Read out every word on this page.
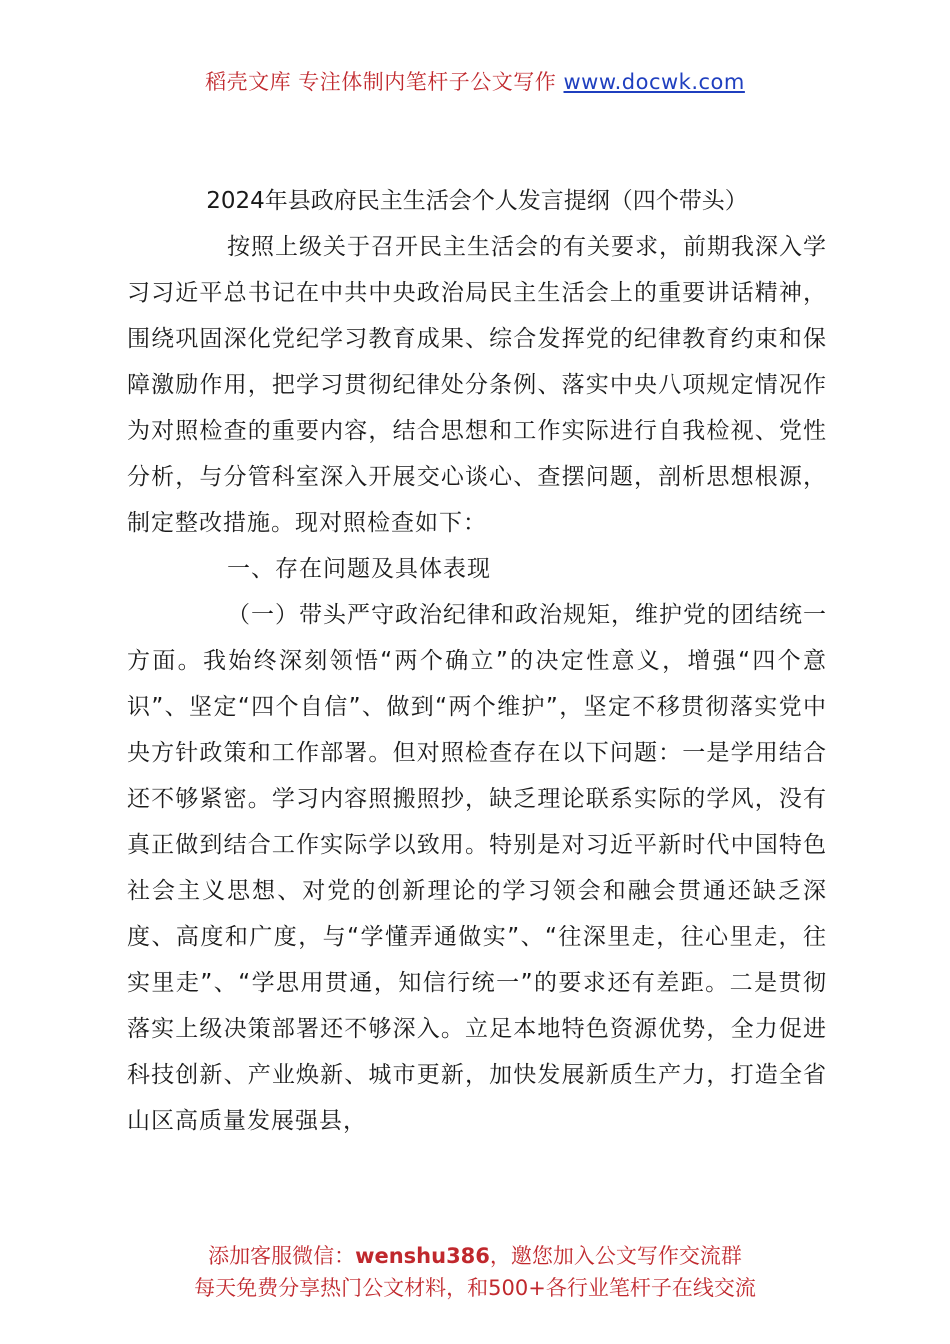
稻壳文库 专注体制内笔杆子公文写作 www.docwk.com

2024年县政府民主生活会个人发言提纲（四个带头）

按照上级关于召开民主生活会的有关要求，前期我深入学习习近平总书记在中共中央政治局民主生活会上的重要讲话精神，围绕巩固深化党纪学习教育成果、综合发挥党的纪律教育约束和保障激励作用，把学习贯彻纪律处分条例、落实中央八项规定情况作为对照检查的重要内容，结合思想和工作实际进行自我检视、党性分析，与分管科室深入开展交心谈心、查摆问题，剖析思想根源，制定整改措施。现对照检查如下：

一、存在问题及具体表现

（一）带头严守政治纪律和政治规矩，维护党的团结统一方面。我始终深刻领悟“两个确立”的决定性意义，增强“四个意识”、坚定“四个自信”、做到“两个维护”，坚定不移贯彻落实党中央方针政策和工作部署。但对照检查存在以下问题：一是学用结合还不够紧密。学习内容照搬照抄，缺乏理论联系实际的学风，没有真正做到结合工作实际学以致用。特别是对习近平新时代中国特色社会主义思想、对党的创新理论的学习领会和融会贯通还缺乏深度、高度和广度，与“学懂弄通做实”、“往深里走，往心里走，往实里走”、“学思用贯通，知信行统一”的要求还有差距。二是贯彻落实上级决策部署还不够深入。立足本地特色资源优势，全力促进科技创新、产业焕新、城市更新，加快发展新质生产力，打造全省山区高质量发展强县，

添加客服微信：wenshu386，邀您加入公文写作交流群
每天免费分享热门公文材料，和500+各行业笔杆子在线交流
